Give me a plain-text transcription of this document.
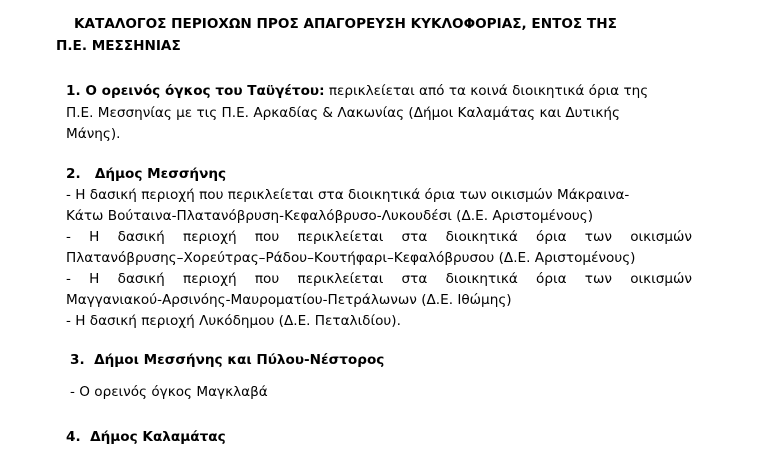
ΚΑΤΑΛΟΓΟΣ ΠΕΡΙΟΧΩΝ ΠΡΟΣ ΑΠΑΓΟΡΕΥΣΗ ΚΥΚΛΟΦΟΡΙΑΣ, ΕΝΤΟΣ ΤΗΣ
Π.Ε. ΜΕΣΣΗΝΙΑΣ
1. Ο ορεινός όγκος του Ταϋγέτου: περικλείεται από τα κοινά διοικητικά όρια της
Π.Ε. Μεσσηνίας με τις Π.Ε. Αρκαδίας & Λακωνίας (Δήμοι Καλαμάτας και Δυτικής
Μάνης).
2.   Δήμος Μεσσήνης
- Η δασική περιοχή που περικλείεται στα διοικητικά όρια των οικισμών Μάκραινα-
Κάτω Βούταινα-Πλατανόβρυση-Κεφαλόβρυσο-Λυκουδέσι (Δ.Ε. Αριστομένους)
- Η δασική περιοχή που περικλείεται στα διοικητικά όρια των οικισμών
Πλατανόβρυσης–Χορεύτρας–Ράδου–Κουτήφαρι–Κεφαλόβρυσου (Δ.Ε. Αριστομένους)
- Η δασική περιοχή που περικλείεται στα διοικητικά όρια των οικισμών
Μαγγανιακού-Αρσινόης-Μαυροματίου-Πετράλωνων (Δ.Ε. Ιθώμης)
- Η δασική περιοχή Λυκόδημου (Δ.Ε. Πεταλιδίου).
3.  Δήμοι Μεσσήνης και Πύλου-Νέστορος
- Ο ορεινός όγκος Μαγκλαβά
4.  Δήμος Καλαμάτας
